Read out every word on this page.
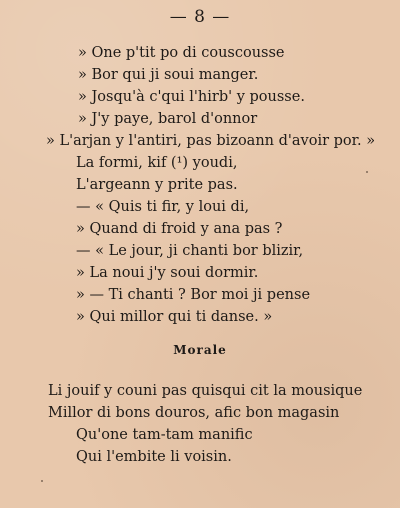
— 8 —
» One p'tit po di couscousse
» Bor qui ji soui manger.
» Josqu'à c'qui l'hirb' y pousse.
» J'y paye, barol d'onnor
» L'arjan y l'antiri, pas bizoann d'avoir por. »
La formi, kif (¹) youdi,
L'argeann y prite pas.
— « Quis ti fir, y loui di,
» Quand di froid y ana pas ?
— « Le jour, ji chanti bor blizir,
» La noui j'y soui dormir.
» — Ti chanti ? Bor moi ji pense
» Qui millor qui ti danse. »
Morale
Li jouif y couni pas quisqui cit la mousique
Millor di bons douros, afic bon magasin
Qu'one tam-tam manific
Qui l'embite li voisin.
